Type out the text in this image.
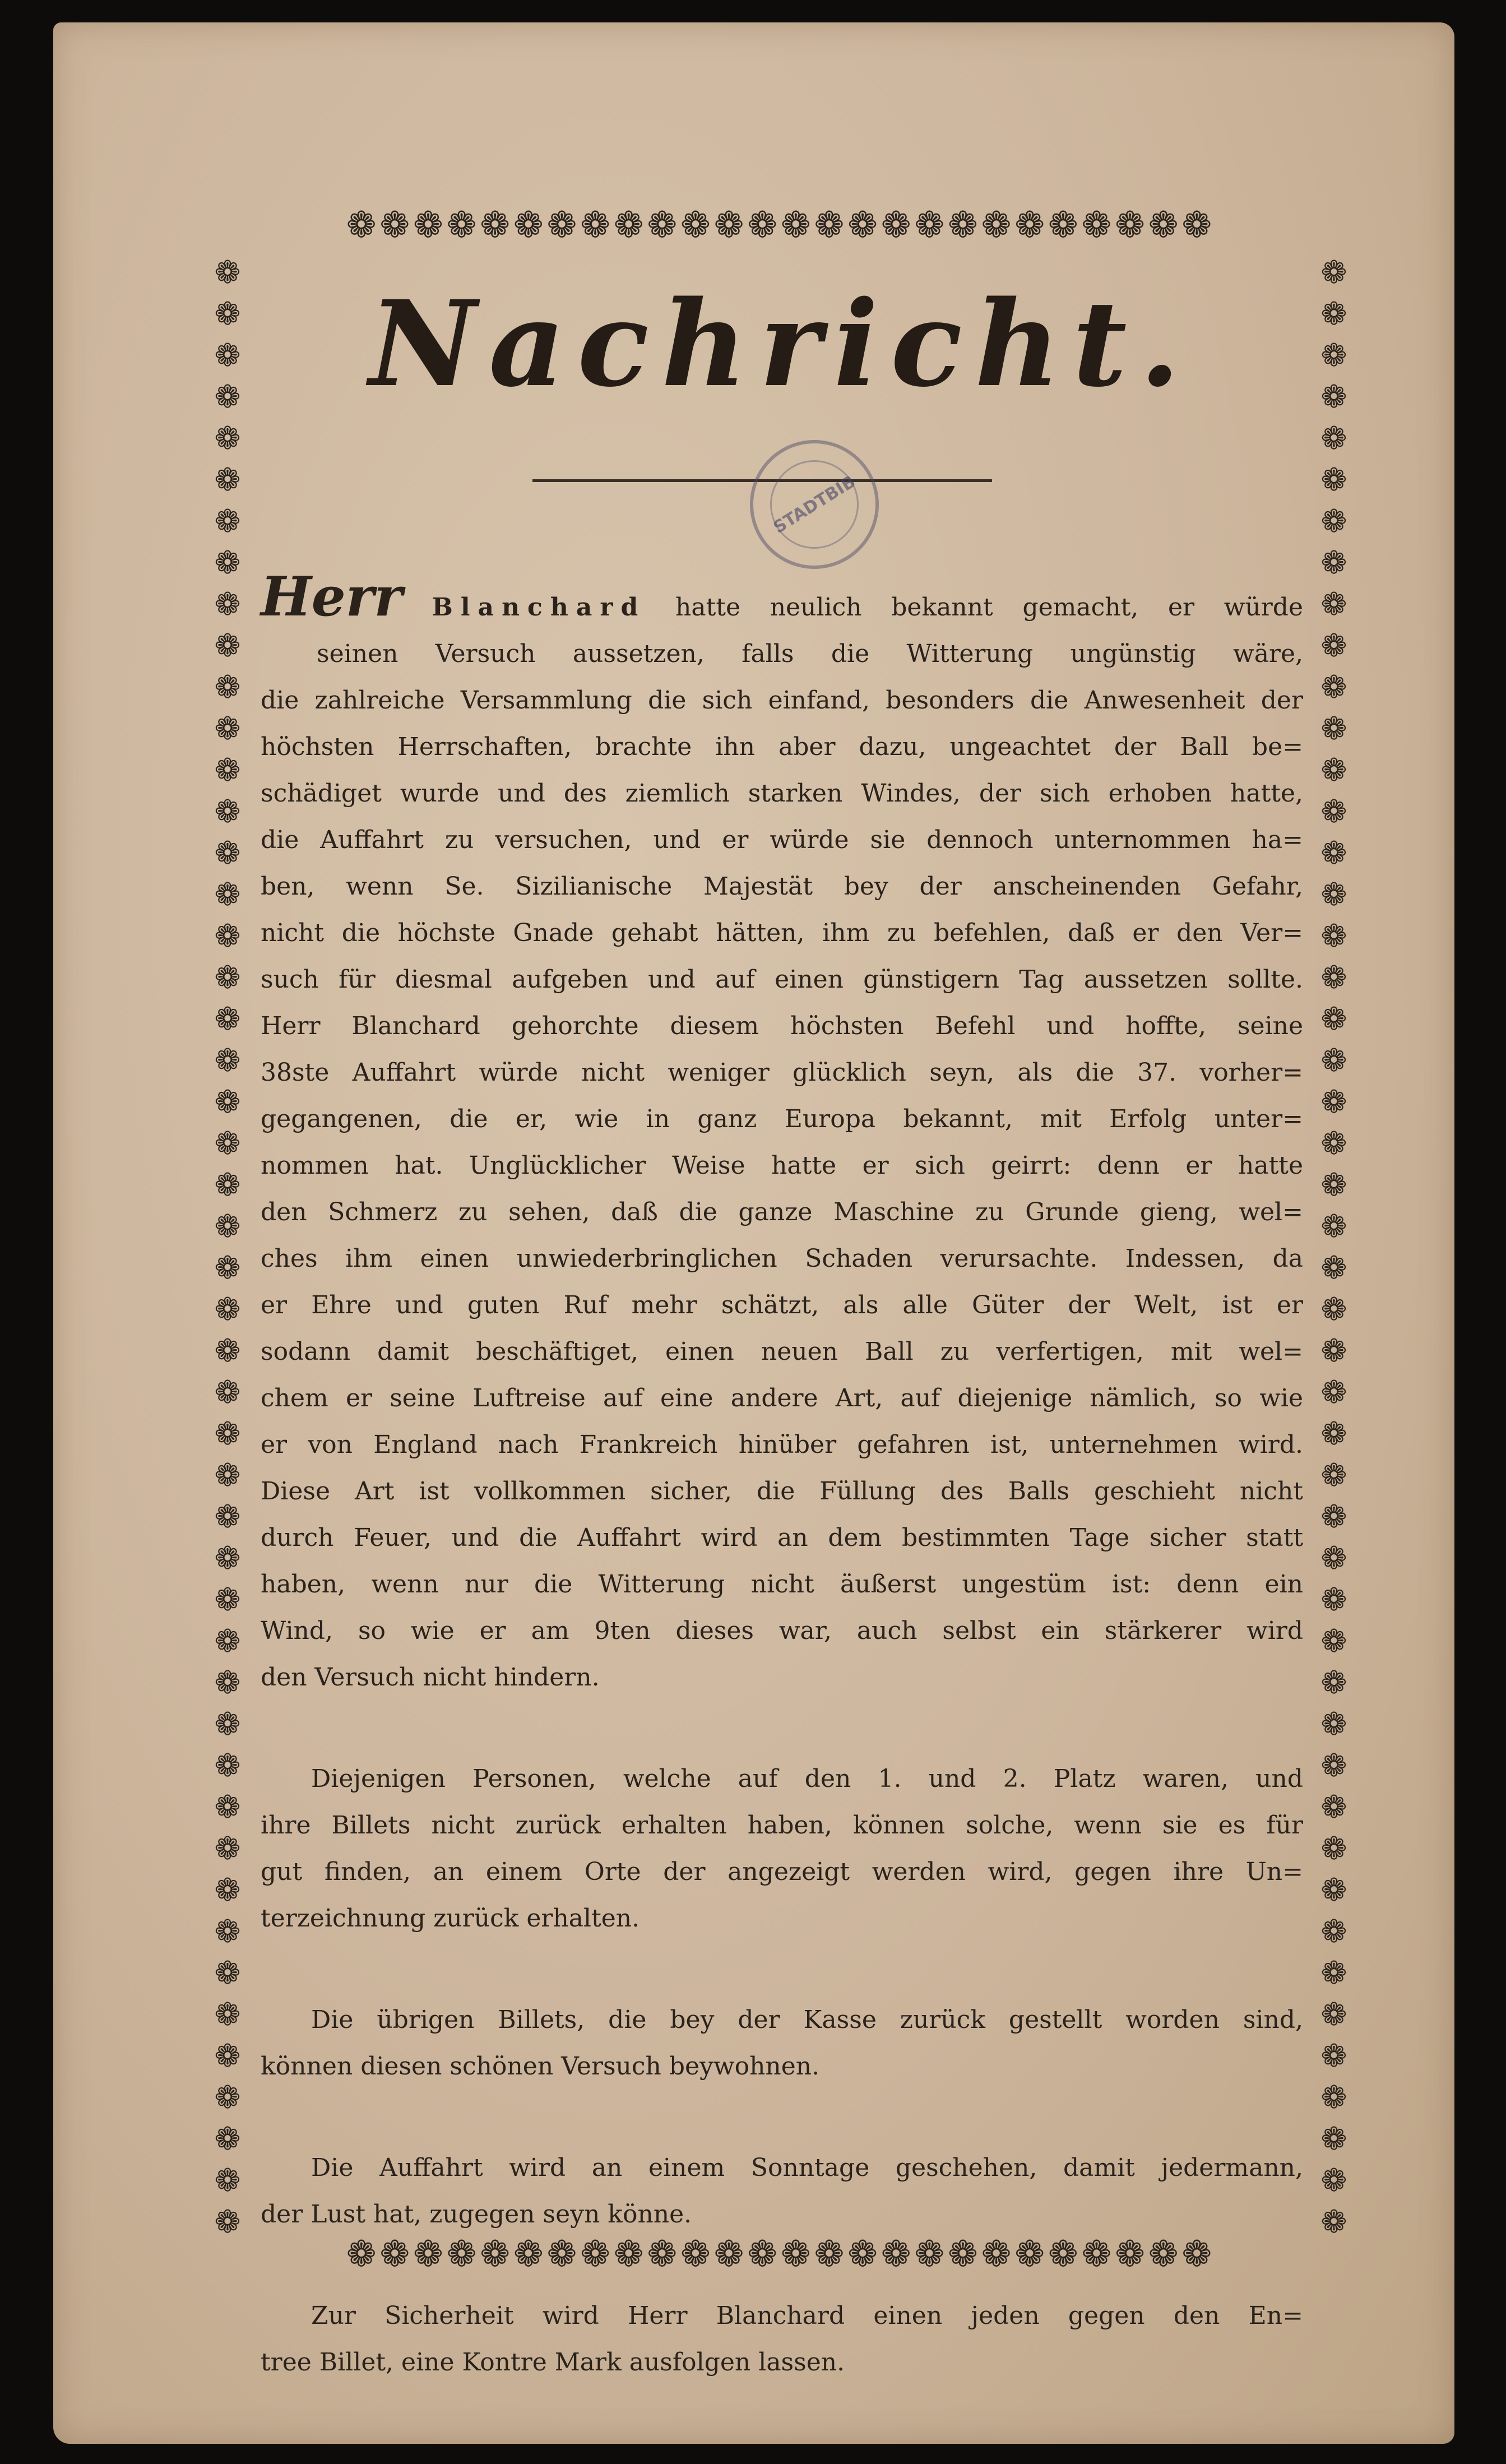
❁❁❁❁❁❁❁❁❁❁❁❁❁❁❁❁❁❁❁❁❁❁❁❁❁❁
❁❁❁❁❁❁❁❁❁❁❁❁❁❁❁❁❁❁❁❁❁❁❁❁❁❁
❁❁❁❁❁❁❁❁❁❁❁❁❁❁❁❁❁❁❁❁❁❁❁❁❁❁❁❁❁❁❁❁❁❁❁❁❁❁❁❁❁❁❁❁❁❁❁❁
❁❁❁❁❁❁❁❁❁❁❁❁❁❁❁❁❁❁❁❁❁❁❁❁❁❁❁❁❁❁❁❁❁❁❁❁❁❁❁❁❁❁❁❁❁❁❁❁
Nachricht.
STADTBIB
Herr Blanchard hatte neulich bekannt gemacht, er würde
seinen Versuch aussetzen, falls die Witterung ungünstig wäre,
die zahlreiche Versammlung die sich einfand, besonders die Anwesenheit der
höchsten Herrschaften, brachte ihn aber dazu, ungeachtet der Ball be=
schädiget wurde und des ziemlich starken Windes, der sich erhoben hatte,
die Auffahrt zu versuchen, und er würde sie dennoch unternommen ha=
ben, wenn Se. Sizilianische Majestät bey der anscheinenden Gefahr,
nicht die höchste Gnade gehabt hätten, ihm zu befehlen, daß er den Ver=
such für diesmal aufgeben und auf einen günstigern Tag aussetzen sollte.
Herr Blanchard gehorchte diesem höchsten Befehl und hoffte, seine
38ste Auffahrt würde nicht weniger glücklich seyn, als die 37. vorher=
gegangenen, die er, wie in ganz Europa bekannt, mit Erfolg unter=
nommen hat. Unglücklicher Weise hatte er sich geirrt: denn er hatte
den Schmerz zu sehen, daß die ganze Maschine zu Grunde gieng, wel=
ches ihm einen unwiederbringlichen Schaden verursachte. Indessen, da
er Ehre und guten Ruf mehr schätzt, als alle Güter der Welt, ist er
sodann damit beschäftiget, einen neuen Ball zu verfertigen, mit wel=
chem er seine Luftreise auf eine andere Art, auf diejenige nämlich, so wie
er von England nach Frankreich hinüber gefahren ist, unternehmen wird.
Diese Art ist vollkommen sicher, die Füllung des Balls geschieht nicht
durch Feuer, und die Auffahrt wird an dem bestimmten Tage sicher statt
haben, wenn nur die Witterung nicht äußerst ungestüm ist: denn ein
Wind, so wie er am 9ten dieses war, auch selbst ein stärkerer wird
den Versuch nicht hindern.
Diejenigen Personen, welche auf den 1. und 2. Platz waren, und
ihre Billets nicht zurück erhalten haben, können solche, wenn sie es für
gut finden, an einem Orte der angezeigt werden wird, gegen ihre Un=
terzeichnung zurück erhalten.
Die übrigen Billets, die bey der Kasse zurück gestellt worden sind,
können diesen schönen Versuch beywohnen.
Die Auffahrt wird an einem Sonntage geschehen, damit jedermann,
der Lust hat, zugegen seyn könne.
Zur Sicherheit wird Herr Blanchard einen jeden gegen den En=
tree Billet, eine Kontre Mark ausfolgen lassen.
